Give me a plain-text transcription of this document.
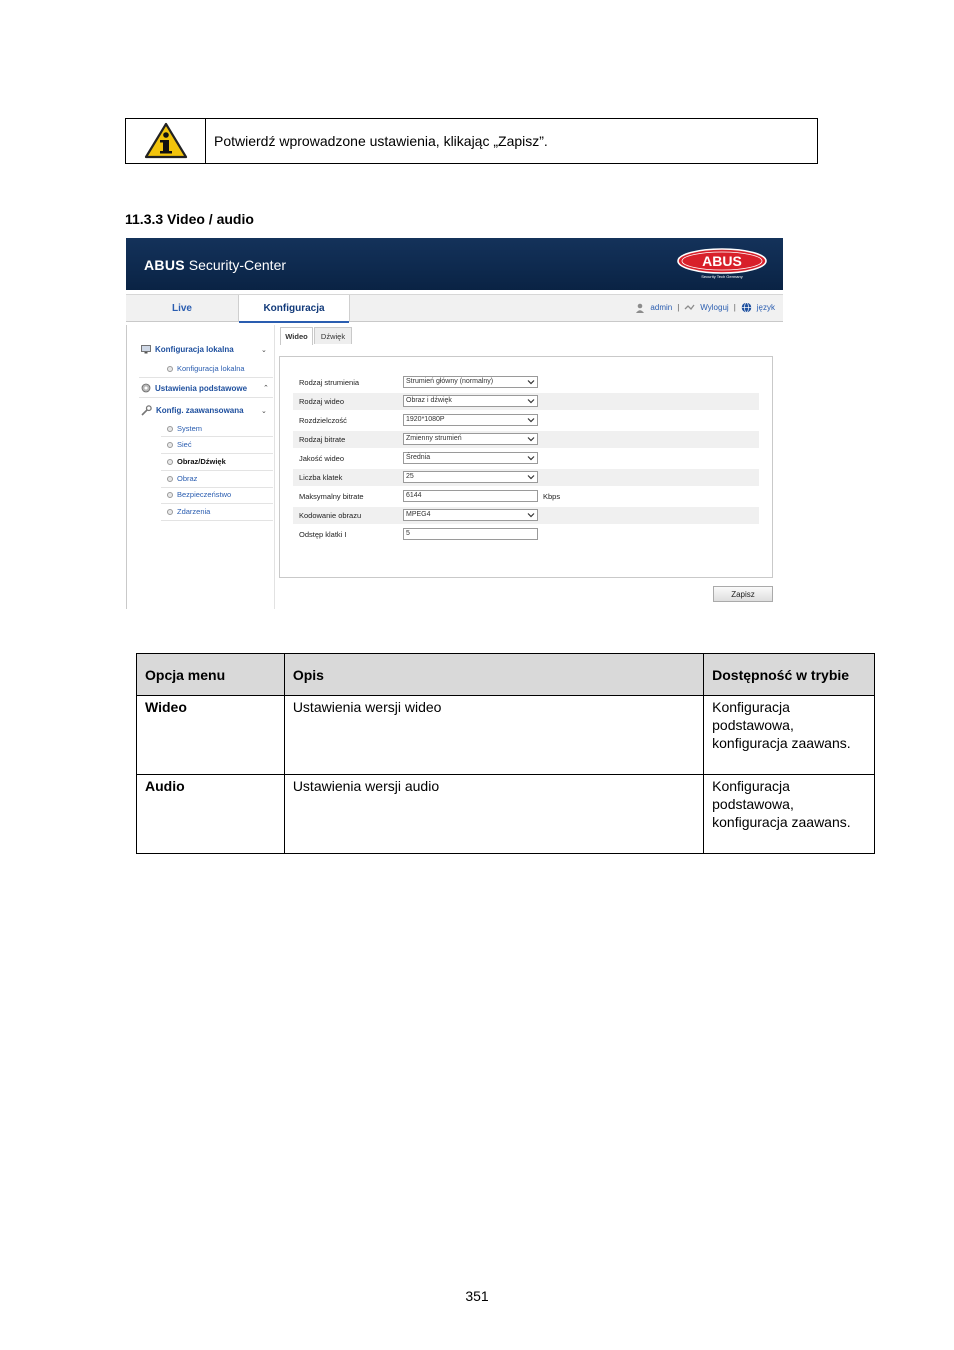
Potwierdź wprowadzone ustawienia, klikając „Zapisz”.
11.3.3 Video / audio
ABUS Security-Center	ABUS
Security Tech Germany
Live	Konfiguracja	admin |	Wyloguj |	język
Konfiguracja lokalna	⌄
Konfiguracja lokalna
Ustawienia podstawowe ⌃
Konfig. zaawansowana ⌄
System
Sieć
Obraz/Dźwięk
Obraz
Bezpieczeństwo
Zdarzenia
Wideo	Dźwięk
Rodzaj strumienia	Strumień główny (normalny)
Rodzaj wideo	Obraz i dźwięk
Rozdzielczość	1920*1080P
Rodzaj bitrate	Zmienny strumień
Jakość wideo	Średnia
Liczba klatek	25
Maksymalny bitrate	6144	Kbps
Kodowanie obrazu	MPEG4
Odstęp klatki I	5
Zapisz
Opcja menu	Opis	Dostępność w trybie
Wideo	Ustawienia wersji wideo	Konfiguracja podstawowa, konfiguracja zaawans.
Audio	Ustawienia wersji audio	Konfiguracja podstawowa, konfiguracja zaawans.
351
